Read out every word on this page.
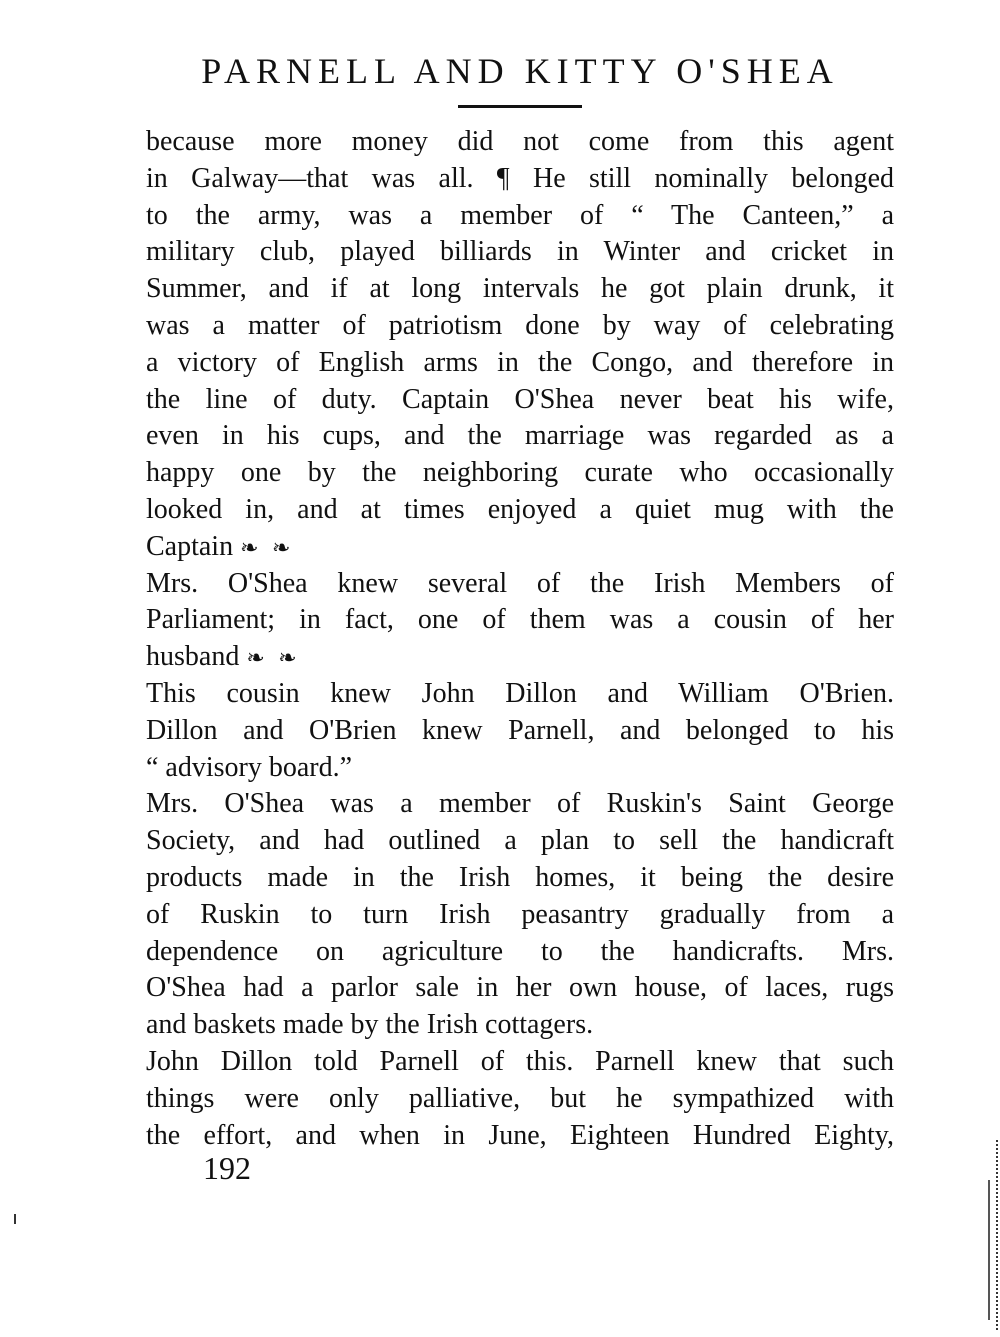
PARNELL AND KITTY O'SHEA
because more money did not come from this agent
in Galway—that was all. ¶ He still nominally belonged
to the army, was a member of “ The Canteen,” a
military club, played billiards in Winter and cricket in
Summer, and if at long intervals he got plain drunk, it
was a matter of patriotism done by way of celebrating
a victory of English arms in the Congo, and therefore in
the line of duty. Captain O'Shea never beat his wife,
even in his cups, and the marriage was regarded as a
happy one by the neighboring curate who occasionally
looked in, and at times enjoyed a quiet mug with the
Captain ❧ ❧
Mrs. O'Shea knew several of the Irish Members of
Parliament; in fact, one of them was a cousin of her
husband ❧ ❧
This cousin knew John Dillon and William O'Brien.
Dillon and O'Brien knew Parnell, and belonged to his
“ advisory board.”
Mrs. O'Shea was a member of Ruskin's Saint George
Society, and had outlined a plan to sell the handicraft
products made in the Irish homes, it being the desire
of Ruskin to turn Irish peasantry gradually from a
dependence on agriculture to the handicrafts. Mrs.
O'Shea had a parlor sale in her own house, of laces, rugs
and baskets made by the Irish cottagers.
John Dillon told Parnell of this. Parnell knew that such
things were only palliative, but he sympathized with
the effort, and when in June, Eighteen Hundred Eighty,
192
